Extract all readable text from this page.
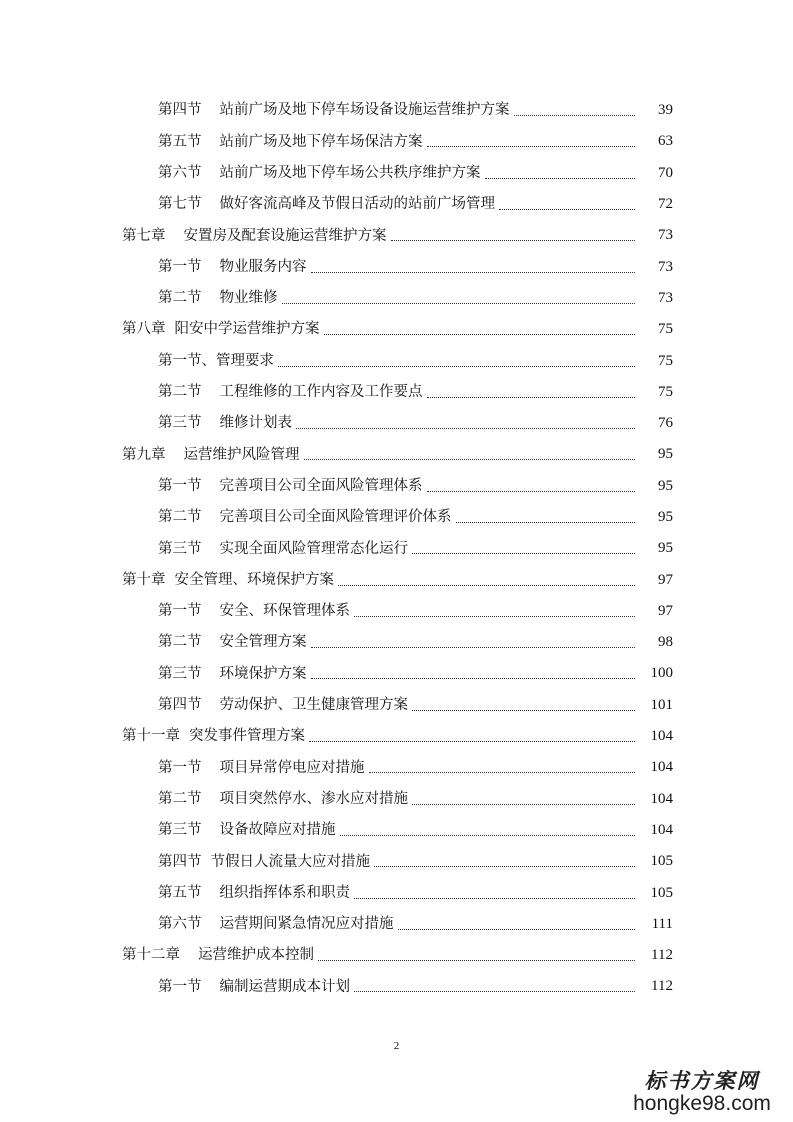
第四节 站前广场及地下停车场设备设施运营维护方案	39
第五节 站前广场及地下停车场保洁方案	63
第六节 站前广场及地下停车场公共秩序维护方案	70
第七节 做好客流高峰及节假日活动的站前广场管理	72
第七章 安置房及配套设施运营维护方案	73
第一节 物业服务内容	73
第二节 物业维修	73
第八章 阳安中学运营维护方案	75
第一节、 管理要求	75
第二节 工程维修的工作内容及工作要点	75
第三节 维修计划表	76
第九章 运营维护风险管理	95
第一节 完善项目公司全面风险管理体系	95
第二节 完善项目公司全面风险管理评价体系	95
第三节 实现全面风险管理常态化运行	95
第十章 安全管理、环境保护方案	97
第一节 安全、环保管理体系	97
第二节 安全管理方案	98
第三节 环境保护方案	100
第四节 劳动保护、卫生健康管理方案	101
第十一章 突发事件管理方案	104
第一节 项目异常停电应对措施	104
第二节 项目突然停水、渗水应对措施	104
第三节 设备故障应对措施	104
第四节 节假日人流量大应对措施	105
第五节 组织指挥体系和职责	105
第六节 运营期间紧急情况应对措施	111
第十二章 运营维护成本控制	112
第一节 编制运营期成本计划	112
2
标书方案网
hongke98.com
